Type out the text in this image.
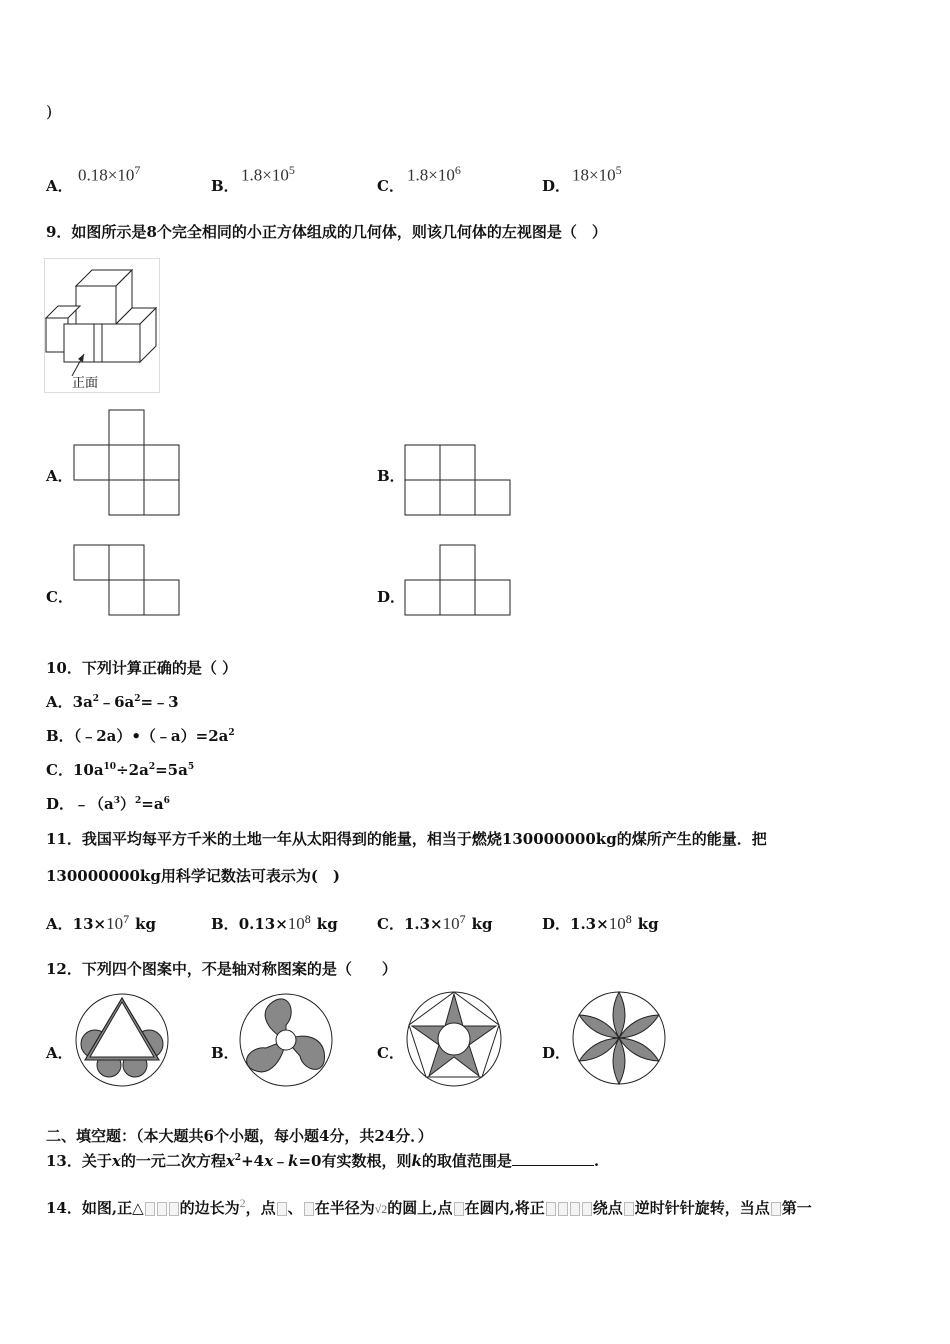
)
A．
$0.18\times 10^7$
B．
$1.8\times 10^5$
C．
$1.8\times 10^6$
D．
$18\times 10^5$
9．如图所示是8个完全相同的小正方体组成的几何体，则该几何体的左视图是（　）
正面
A．	B．
C．	D．
10．下列计算正确的是（ ）
A．$3a^2﹣6a^2=﹣3$
B．$(﹣2a)•(﹣a)=2a^2$
C．$10a^{10}\div 2a^2=5a^5$
D．$﹣(a^3)^2=a^6$
11．我国平均每平方千米的土地一年从太阳得到的能量，相当于燃烧130000000kg的煤所产生的能量．把
130000000kg用科学记数法可表示为(　)
A．$13\times 10^7$ kg	B．$0.13\times 10^8$ kg	C．$1.3\times 10^7$ kg	D．$1.3\times 10^8$ kg
12．下列四个图案中，不是轴对称图案的是（　　）
A．	B．	C．	D．
二、填空题：（本大题共6个小题，每小题4分，共24分．）
13．关于x的一元二次方程$x^2+4x﹣k=0$有实数根，则k的取值范围是	.
14．如图,正△ 的边长为$^2$，点 、 在半径为√2的圆上,点 在圆内,将正	绕点 逆时针针旋转，当点 第一
